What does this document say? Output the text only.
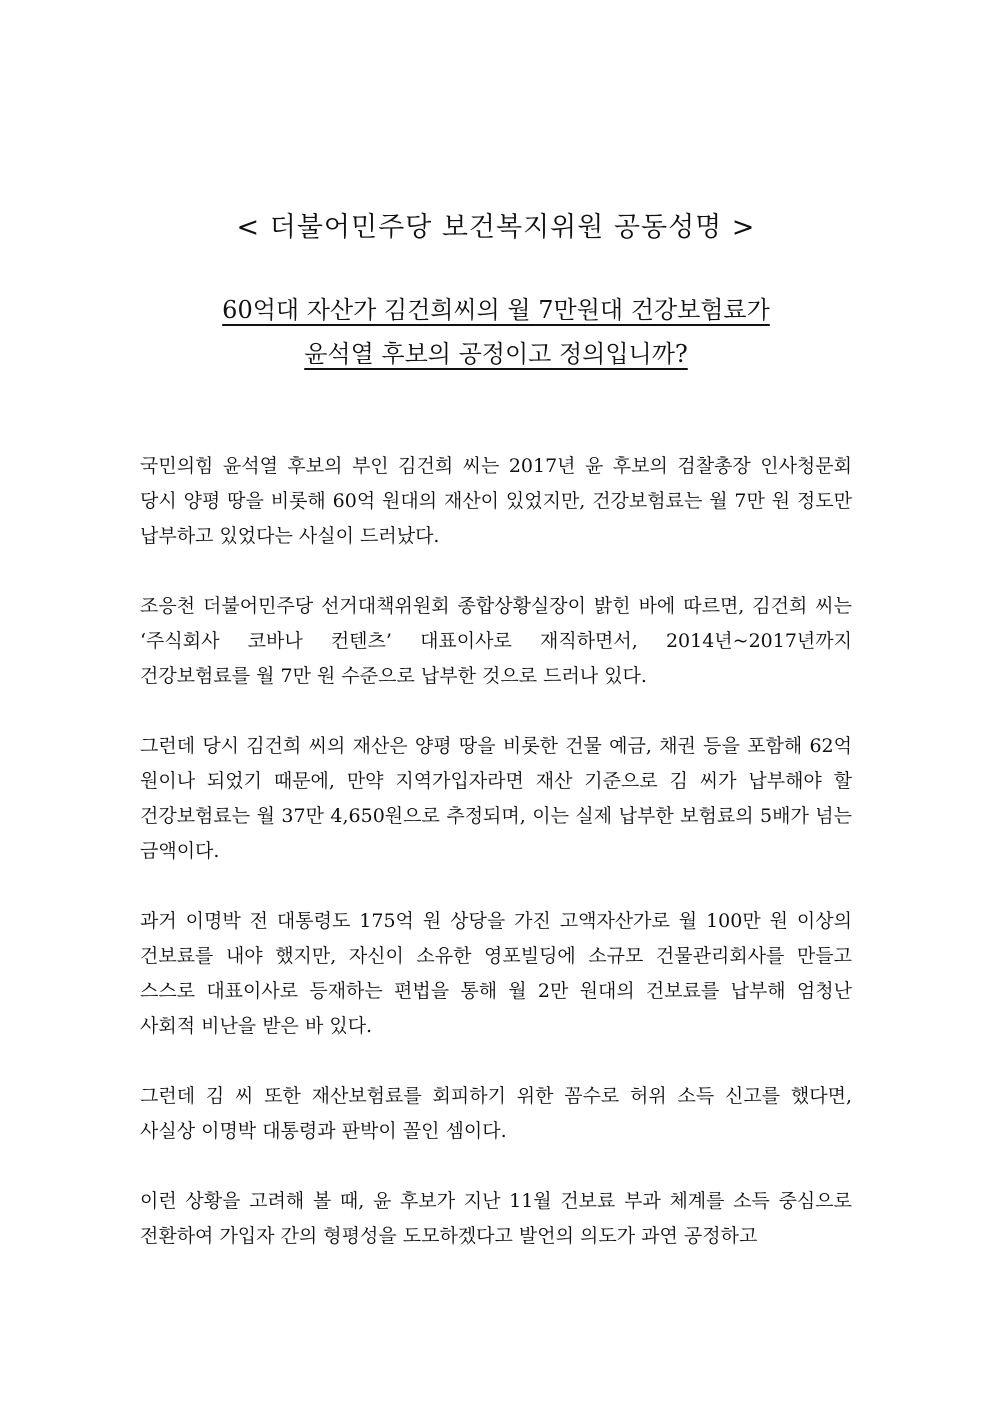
< 더불어민주당 보건복지위원 공동성명 >
60억대 자산가 김건희씨의 월 7만원대 건강보험료가
윤석열 후보의 공정이고 정의입니까?

국민의힘 윤석열 후보의 부인 김건희 씨는 2017년 윤 후보의 검찰총장 인사청문회 당시 양평 땅을 비롯해 60억 원대의 재산이 있었지만, 건강보험료는 월 7만 원 정도만 납부하고 있었다는 사실이 드러났다.

조응천 더불어민주당 선거대책위원회 종합상황실장이 밝힌 바에 따르면, 김건희 씨는 ‘주식회사 코바나 컨텐츠’ 대표이사로 재직하면서, 2014년~2017년까지 건강보험료를 월 7만 원 수준으로 납부한 것으로 드러나 있다.

그런데 당시 김건희 씨의 재산은 양평 땅을 비롯한 건물 예금, 채권 등을 포함해 62억 원이나 되었기 때문에, 만약 지역가입자라면 재산 기준으로 김 씨가 납부해야 할 건강보험료는 월 37만 4,650원으로 추정되며, 이는 실제 납부한 보험료의 5배가 넘는 금액이다.

과거 이명박 전 대통령도 175억 원 상당을 가진 고액자산가로 월 100만 원 이상의 건보료를 내야 했지만, 자신이 소유한 영포빌딩에 소규모 건물관리회사를 만들고 스스로 대표이사로 등재하는 편법을 통해 월 2만 원대의 건보료를 납부해 엄청난 사회적 비난을 받은 바 있다.

그런데 김 씨 또한 재산보험료를 회피하기 위한 꼼수로 허위 소득 신고를 했다면, 사실상 이명박 대통령과 판박이 꼴인 셈이다.

이런 상황을 고려해 볼 때, 윤 후보가 지난 11월 건보료 부과 체계를 소득 중심으로 전환하여 가입자 간의 형평성을 도모하겠다고 발언의 의도가 과연 공정하고
